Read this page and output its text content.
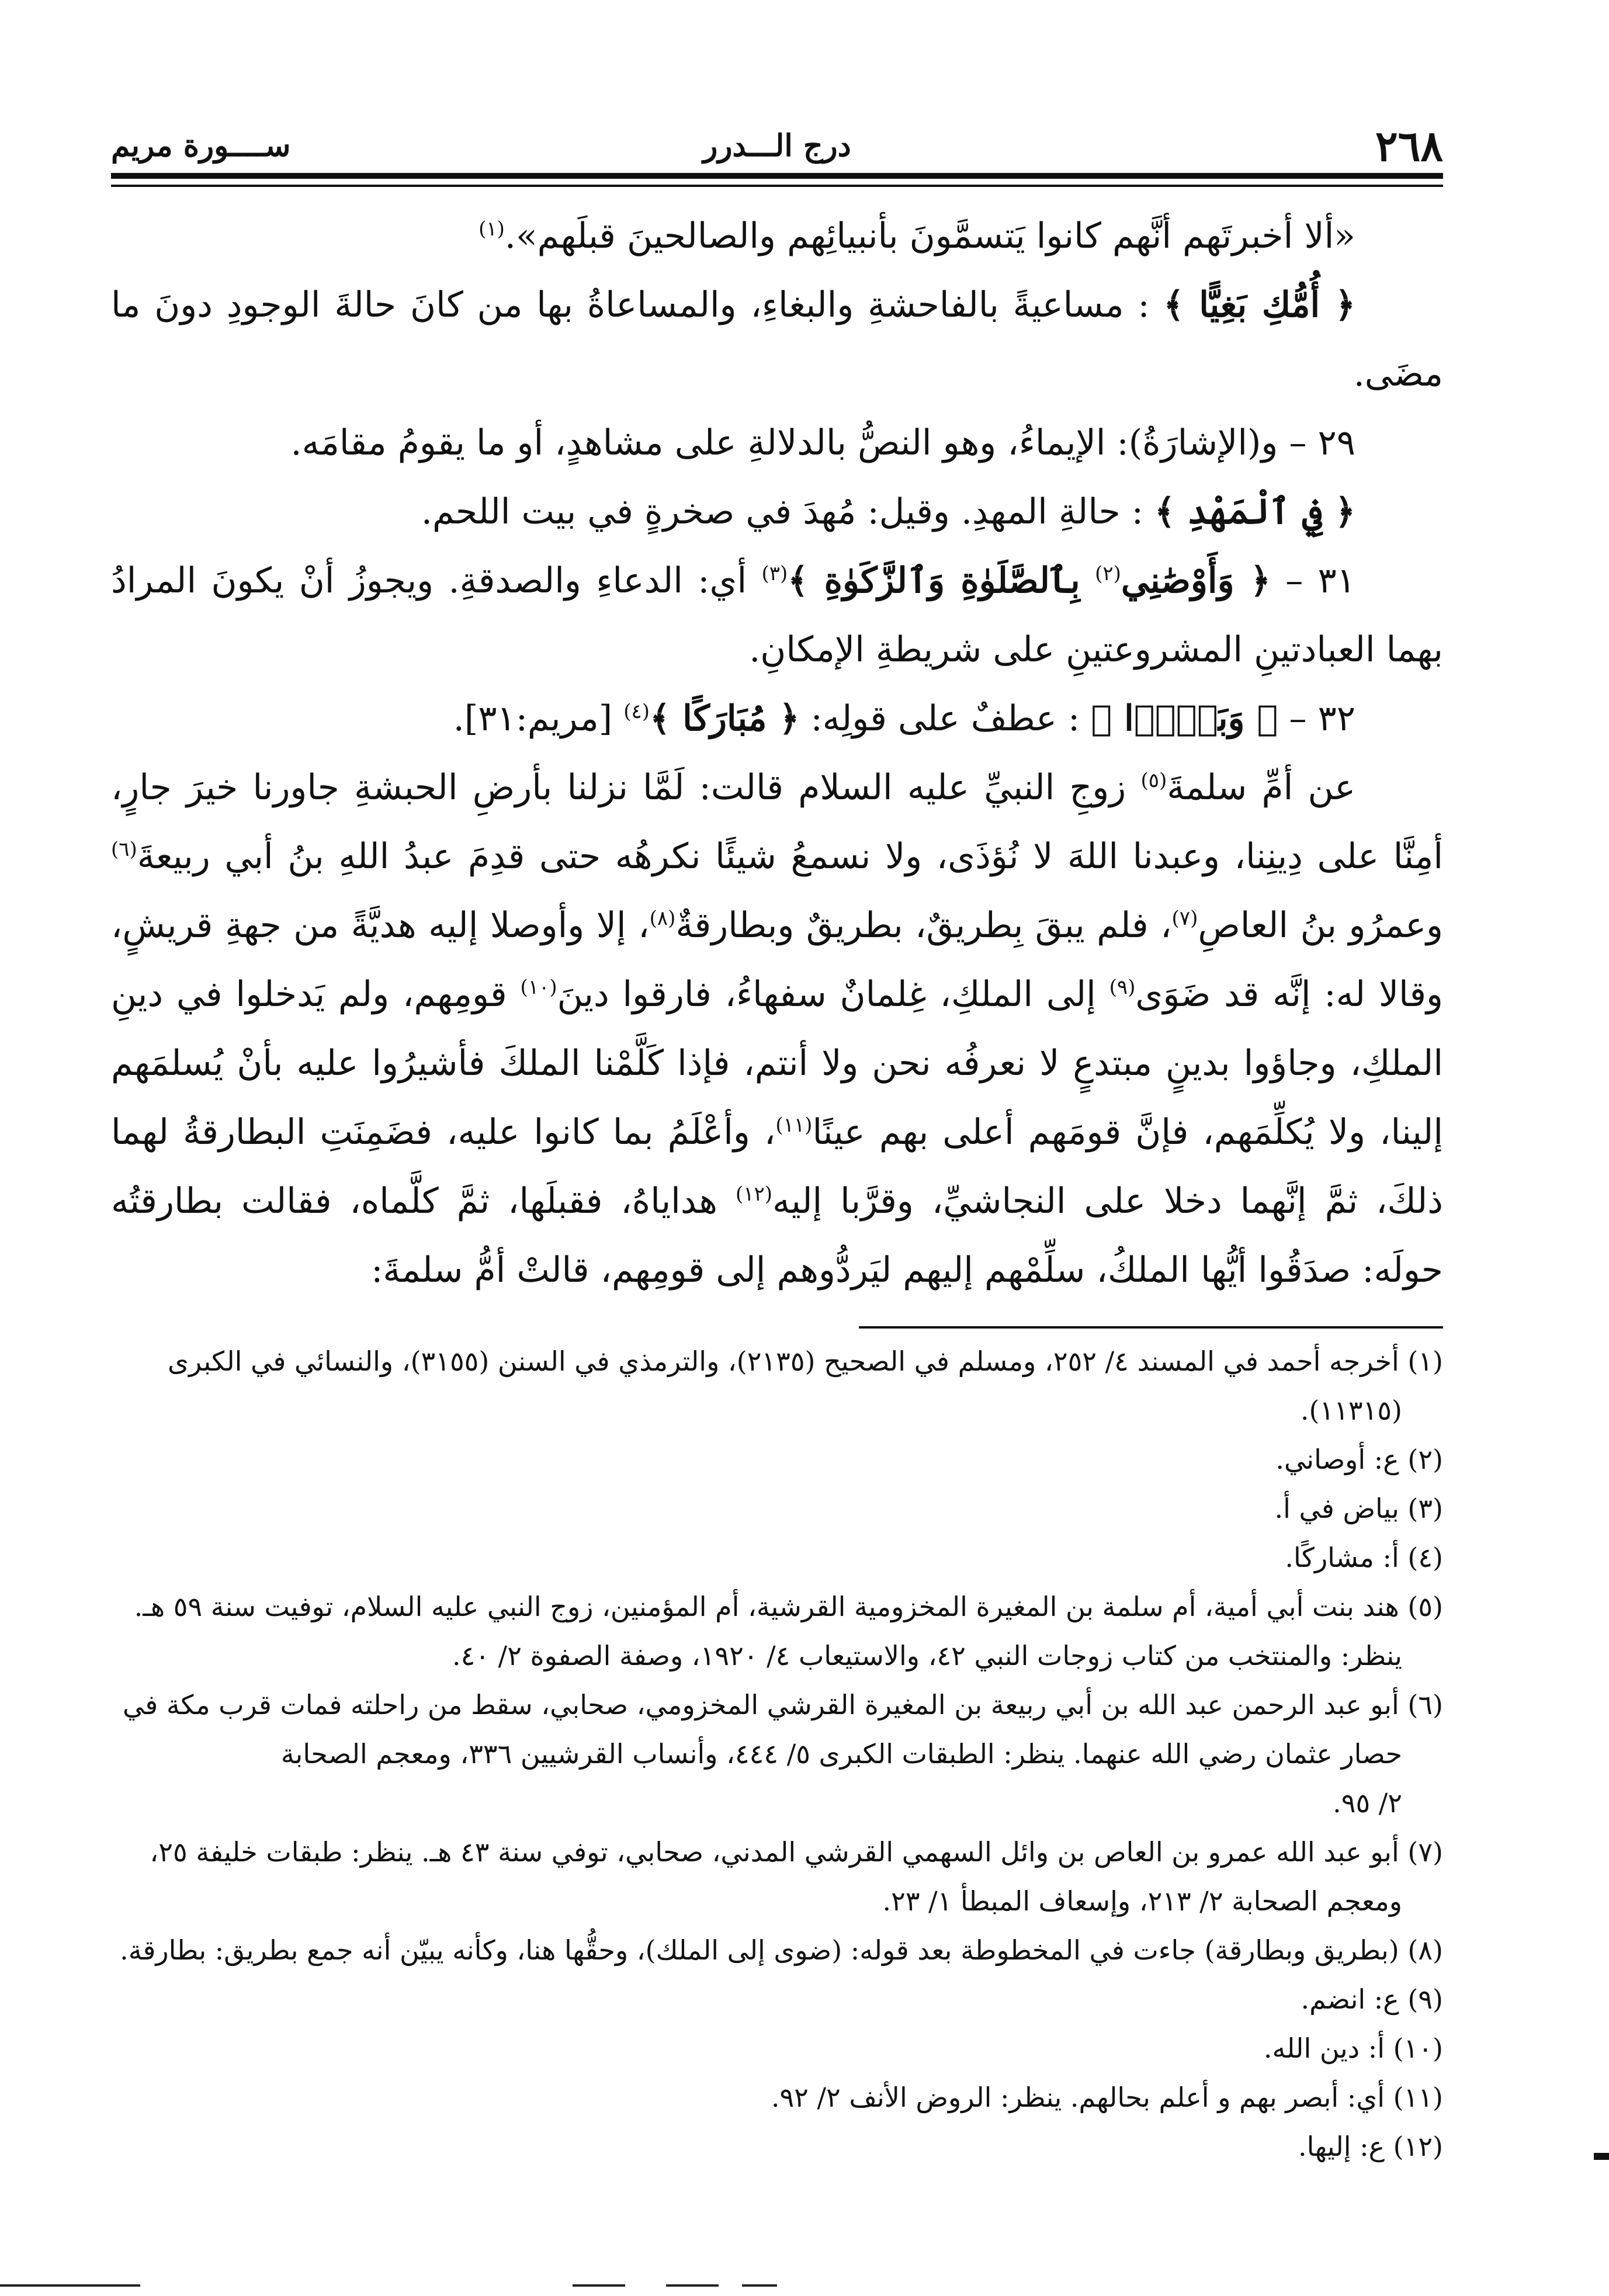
٢٦٨
درج الـــدرر
ســــورة مريم

«ألا أخبرتَهم أنَّهم كانوا يَتسمَّونَ بأنبيائِهم والصالحينَ قبلَهم».$^{(١)}$

﴿ أُمُّكِ بَغِيًّا ﴾ : مساعيةً بالفاحشةِ والبغاءِ، والمساعاةُ بها من كانَ حالةَ الوجودِ دونَ ما مضَى.

٢٩ – و(الإشارَةُ): الإيماءُ، وهو النصُّ بالدلالةِ على مشاهدٍ، أو ما يقومُ مقامَه.

﴿ فِي ٱلْمَهْدِ ﴾ : حالةِ المهدِ. وقيل: مُهدَ في صخرةٍ في بيت اللحم.

٣١ – ﴿ وَأَوْصَٰنِي$^{(٢)}$ بِٱلصَّلَوٰةِ وَٱلزَّكَوٰةِ ﴾$^{(٣)}$ أي: الدعاءِ والصدقةِ. ويجوزُ أنْ يكونَ المرادُ بهما العبادتينِ المشروعتينِ على شريطةِ الإمكانِ.

٣٢ – ﴿ وَبَرًّۢا ﴾ : عطفٌ على قولِه: ﴿ مُبَارَكًا ﴾$^{(٤)}$ [مريم:٣١].

عن أمِّ سلمةَ$^{(٥)}$ زوجِ النبيِّ عليه السلام قالت: لَمَّا نزلنا بأرضِ الحبشةِ جاورنا خيرَ جارٍ، أمِنَّا على دِينِنا، وعبدنا اللهَ لا نُؤذَى، ولا نسمعُ شيئًا نكرهُه حتى قدِمَ عبدُ اللهِ بنُ أبي ربيعةَ$^{(٦)}$ وعمرُو بنُ العاصِ$^{(٧)}$، فلم يبقَ بِطريقٌ، بطريقٌ وبطارقةٌ$^{(٨)}$، إلا وأوصلا إليه هديَّةً من جهةِ قريشٍ، وقالا له: إنَّه قد ضَوَى$^{(٩)}$ إلى الملكِ، غِلمانٌ سفهاءُ، فارقوا دينَ$^{(١٠)}$ قومِهم، ولم يَدخلوا في دينِ الملكِ، وجاؤوا بدينٍ مبتدعٍ لا نعرفُه نحن ولا أنتم، فإذا كَلَّمْنا الملكَ فأشيرُوا عليه بأنْ يُسلمَهم إلينا، ولا يُكلِّمَهم، فإنَّ قومَهم أعلى بهم عينًا$^{(١١)}$، وأعْلَمُ بما كانوا عليه، فضَمِنَتِ البطارقةُ لهما ذلكَ، ثمَّ إنَّهما دخلا على النجاشيِّ، وقرَّبا إليه$^{(١٢)}$ هداياهُ، فقبلَها، ثمَّ كلَّماه، فقالت بطارقتُه حولَه: صدَقُوا أيُّها الملكُ، سلِّمْهم إليهم ليَردُّوهم إلى قومِهم، قالتْ أمُّ سلمةَ:

(١) أخرجه أحمد في المسند ٤/ ٢٥٢، ومسلم في الصحيح (٢١٣٥)، والترمذي في السنن (٣١٥٥)، والنسائي في الكبرى

(١١٣١٥).

(٢) ع: أوصاني.

(٣) بياض في أ.

(٤) أ: مشاركًا.

(٥) هند بنت أبي أمية، أم سلمة بن المغيرة المخزومية القرشية، أم المؤمنين، زوج النبي عليه السلام، توفيت سنة ٥٩ هـ.

ينظر: والمنتخب من كتاب زوجات النبي ٤٢، والاستيعاب ٤/ ١٩٢٠، وصفة الصفوة ٢/ ٤٠.

(٦) أبو عبد الرحمن عبد الله بن أبي ربيعة بن المغيرة القرشي المخزومي، صحابي، سقط من راحلته فمات قرب مكة في

حصار عثمان رضي الله عنهما. ينظر: الطبقات الكبرى ٥/ ٤٤٤، وأنساب القرشيين ٣٣٦، ومعجم الصحابة

٢/ ٩٥.

(٧) أبو عبد الله عمرو بن العاص بن وائل السهمي القرشي المدني، صحابي، توفي سنة ٤٣ هـ. ينظر: طبقات خليفة ٢٥،

ومعجم الصحابة ٢/ ٢١٣، وإسعاف المبطأ ١/ ٢٣.

(٨) (بطريق وبطارقة) جاءت في المخطوطة بعد قوله: (ضوى إلى الملك)، وحقُّها هنا، وكأنه يبيّن أنه جمع بطريق: بطارقة.

(٩) ع: انضم.

(١٠) أ: دين الله.

(١١) أي: أبصر بهم و أعلم بحالهم. ينظر: الروض الأنف ٢/ ٩٢.

(١٢) ع: إليها.
